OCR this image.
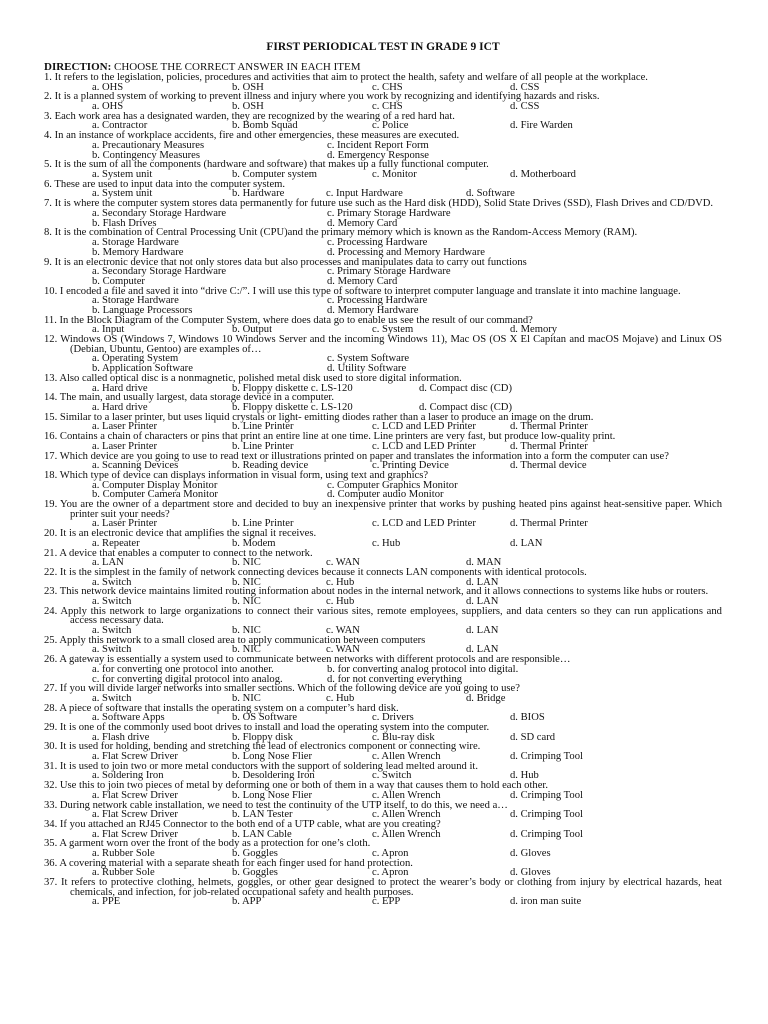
FIRST PERIODICAL TEST IN GRADE 9 ICT
DIRECTION: CHOOSE THE CORRECT ANSWER IN EACH ITEM
1. It refers to the legislation, policies, procedures and activities that aim to protect the health, safety and welfare of all people at the workplace.
a. OHS	b. OSH	c. CHS	d. CSS
2. It is a planned system of working to prevent illness and injury where you work by recognizing and identifying hazards and risks.
a. OHS	b. OSH	c. CHS	d. CSS
3. Each work area has a designated warden, they are recognized by the wearing of a red hard hat.
a. Contractor	b. Bomb Squad	c. Police	d. Fire Warden
4. In an instance of workplace accidents, fire and other emergencies, these measures are executed.
a. Precautionary Measures	c. Incident Report Form
b. Contingency Measures	d. Emergency Response
5. It is the sum of all the components (hardware and software) that makes up a fully functional computer.
a. System unit	b. Computer system	c. Monitor	d. Motherboard
6. These are used to input data into the computer system.
a. System unit	b. Hardware	c. Input Hardware	d. Software
7. It is where the computer system stores data permanently for future use such as the Hard disk (HDD), Solid State Drives (SSD), Flash Drives and CD/DVD.
a. Secondary Storage Hardware	c. Primary Storage Hardware
b. Flash Drives	d. Memory Card
8. It is the combination of Central Processing Unit (CPU)and the primary memory which is known as the Random-Access Memory (RAM).
a. Storage Hardware	c. Processing Hardware
b. Memory Hardware	d. Processing and Memory Hardware
9. It is an electronic device that not only stores data but also processes and manipulates data to carry out functions
a. Secondary Storage Hardware	c. Primary Storage Hardware
b. Computer	d. Memory Card
10. I encoded a file and saved it into “drive C:/”. I will use this type of software to interpret computer language and translate it into machine language.
a. Storage Hardware	c. Processing Hardware
b. Language Processors	d. Memory Hardware
11. In the Block Diagram of the Computer System, where does data go to enable us see the result of our command?
a. Input	b. Output	c. System	d. Memory
12. Windows OS (Windows 7, Windows 10 Windows Server and the incoming Windows 11), Mac OS (OS X El Capitan and macOS Mojave) and Linux OS (Debian, Ubuntu, Gentoo) are examples of…
a. Operating System	c. System Software
b. Application Software	d. Utility Software
13. Also called optical disc is a nonmagnetic, polished metal disk used to store digital information.
a. Hard drive	b. Floppy diskette c. LS-120	d. Compact disc (CD)
14. The main, and usually largest, data storage device in a computer.
a. Hard drive	b. Floppy diskette c. LS-120	d. Compact disc (CD)
15. Similar to a laser printer, but uses liquid crystals or light- emitting diodes rather than a laser to produce an image on the drum.
a. Laser Printer	b. Line Printer	c. LCD and LED Printer	d. Thermal Printer
16. Contains a chain of characters or pins that print an entire line at one time. Line printers are very fast, but produce low-quality print.
a. Laser Printer	b. Line Printer	c. LCD and LED Printer	d. Thermal Printer
17. Which device are you going to use to read text or illustrations printed on paper and translates the information into a form the computer can use?
a. Scanning Devices	b. Reading device	c. Printing Device	d. Thermal device
18. Which type of device can displays information in visual form, using text and graphics?
a. Computer Display Monitor	c. Computer Graphics Monitor
b. Computer Camera Monitor	d. Computer audio Monitor
19. You are the owner of a department store and decided to buy an inexpensive printer that works by pushing heated pins against heat-sensitive paper. Which printer suit your needs?
a. Laser Printer	b. Line Printer	c. LCD and LED Printer	d. Thermal Printer
20. It is an electronic device that amplifies the signal it receives.
a. Repeater	b. Modem	c. Hub	d. LAN
21. A device that enables a computer to connect to the network.
a. LAN	b. NIC	c. WAN	d. MAN
22. It is the simplest in the family of network connecting devices because it connects LAN components with identical protocols.
a. Switch	b. NIC	c. Hub	d. LAN
23. This network device maintains limited routing information about nodes in the internal network, and it allows connections to systems like hubs or routers.
a. Switch	b. NIC	c. Hub	d. LAN
24. Apply this network to large organizations to connect their various sites, remote employees, suppliers, and data centers so they can run applications and access necessary data.
a. Switch	b. NIC	c. WAN	d. LAN
25. Apply this network to a small closed area to apply communication between computers
a. Switch	b. NIC	c. WAN	d. LAN
26. A gateway is essentially a system used to communicate between networks with different protocols and are responsible…
a. for converting one protocol into another.	b. for converting analog protocol into digital.
c. for converting digital protocol into analog.	d. for not converting everything
27. If you will divide larger networks into smaller sections. Which of the following device are you going to use?
a. Switch	b. NIC	c. Hub	d. Bridge
28. A piece of software that installs the operating system on a computer’s hard disk.
a. Software Apps	b. OS Software	c. Drivers	d. BIOS
29. It is one of the commonly used boot drives to install and load the operating system into the computer.
a. Flash drive	b. Floppy disk	c. Blu-ray disk	d. SD card
30. It is used for holding, bending and stretching the lead of electronics component or connecting wire.
a. Flat Screw Driver	b. Long Nose Flier	c. Allen Wrench	d. Crimping Tool
31. It is used to join two or more metal conductors with the support of soldering lead melted around it.
a. Soldering Iron	b. Desoldering Iron	c. Switch	d. Hub
32. Use this to join two pieces of metal by deforming one or both of them in a way that causes them to hold each other.
a. Flat Screw Driver	b. Long Nose Flier	c. Allen Wrench	d. Crimping Tool
33. During network cable installation, we need to test the continuity of the UTP itself, to do this, we need a…
a. Flat Screw Driver	b. LAN Tester	c. Allen Wrench	d. Crimping Tool
34. If you attached an RJ45 Connector to the both end of a UTP cable, what are you creating?
a. Flat Screw Driver	b. LAN Cable	c. Allen Wrench	d. Crimping Tool
35. A garment worn over the front of the body as a protection for one’s cloth.
a. Rubber Sole	b. Goggles	c. Apron	d. Gloves
36. A covering material with a separate sheath for each finger used for hand protection.
a. Rubber Sole	b. Goggles	c. Apron	d. Gloves
37. It refers to protective clothing, helmets, goggles, or other gear designed to protect the wearer’s body or clothing from injury by electrical hazards, heat chemicals, and infection, for job-related occupational safety and health purposes.
a. PPE	b. APP	c. EPP	d. iron man suite
